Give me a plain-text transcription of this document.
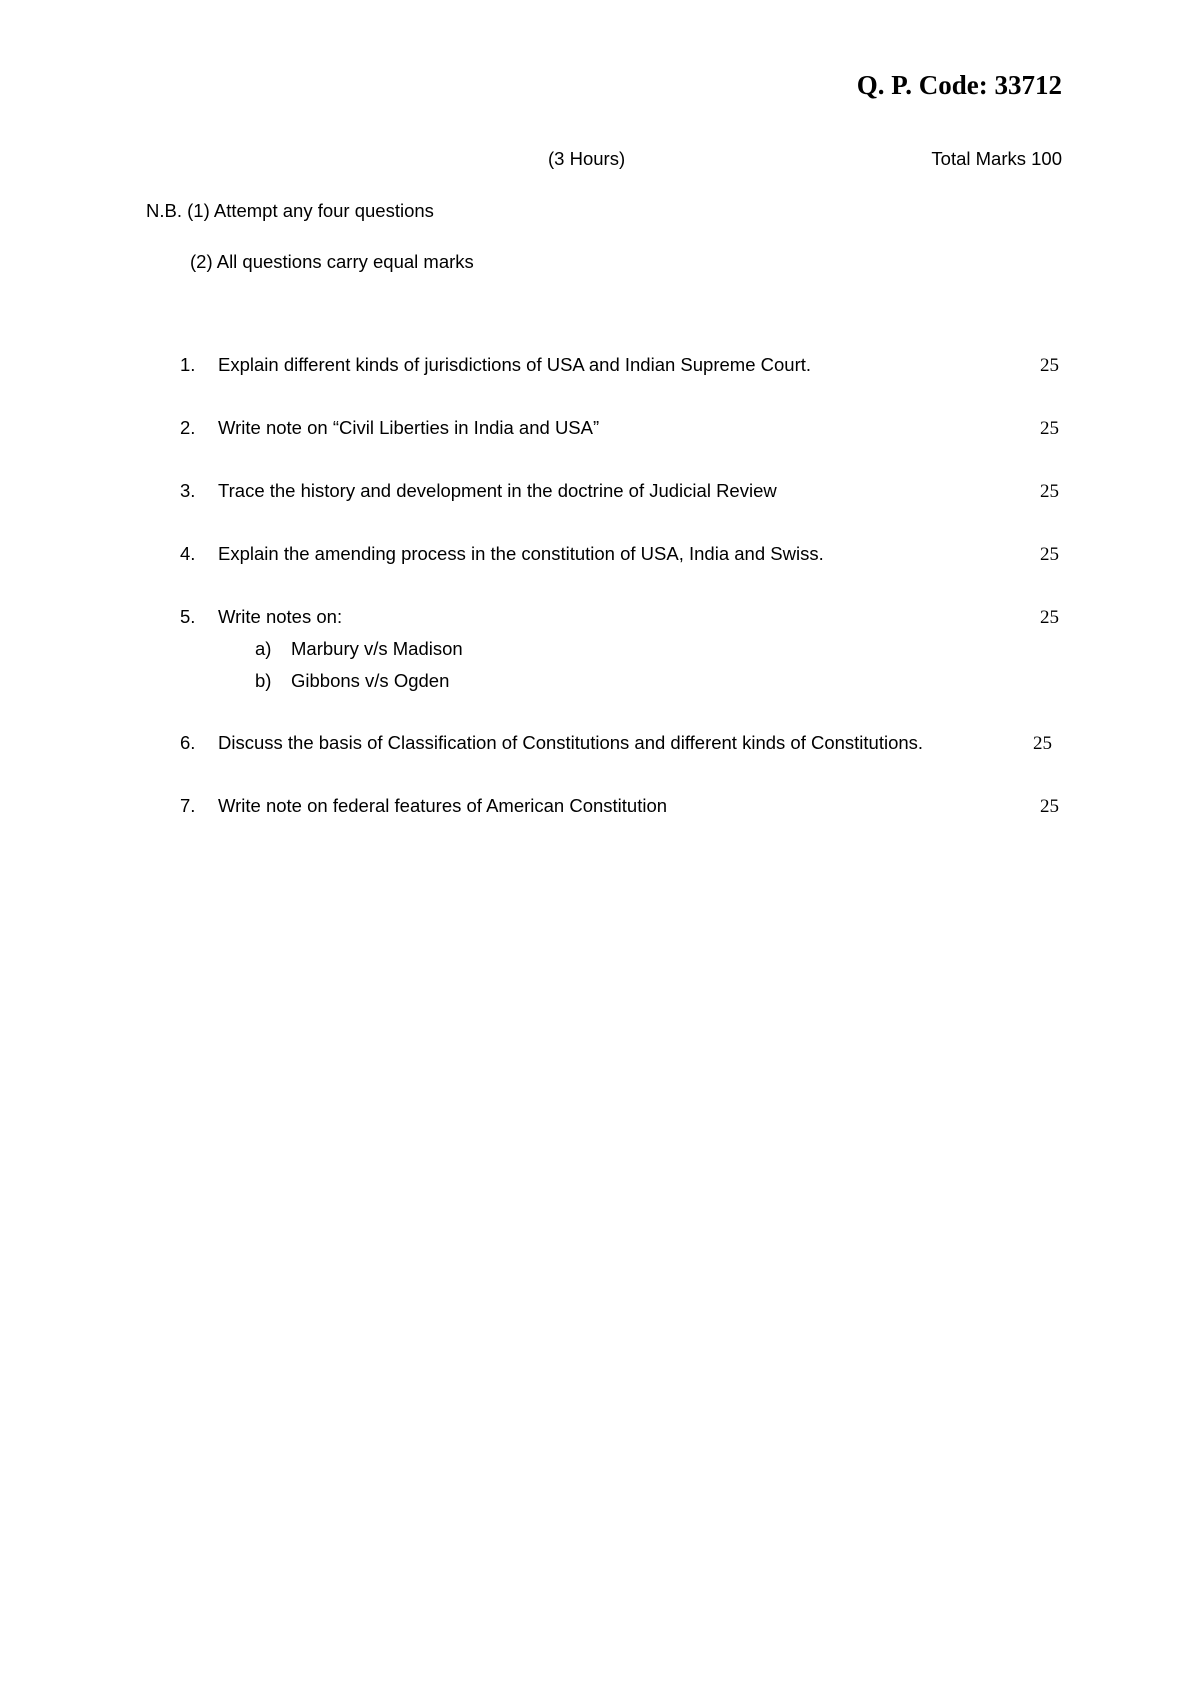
Q. P. Code: 33712
(3 Hours)	Total Marks 100
N.B. (1) Attempt any four questions
(2) All questions carry equal marks
1. Explain different kinds of jurisdictions of USA and Indian Supreme Court.	25
2. Write note on “Civil Liberties in India and USA”	25
3. Trace the history and development in the doctrine of Judicial Review	25
4. Explain the amending process in the constitution of USA, India and Swiss.	25
5. Write notes on:	25
a) Marbury v/s Madison
b) Gibbons v/s Ogden
6. Discuss the basis of Classification of Constitutions and different kinds of Constitutions.	25
7. Write note on federal features of American Constitution	25
